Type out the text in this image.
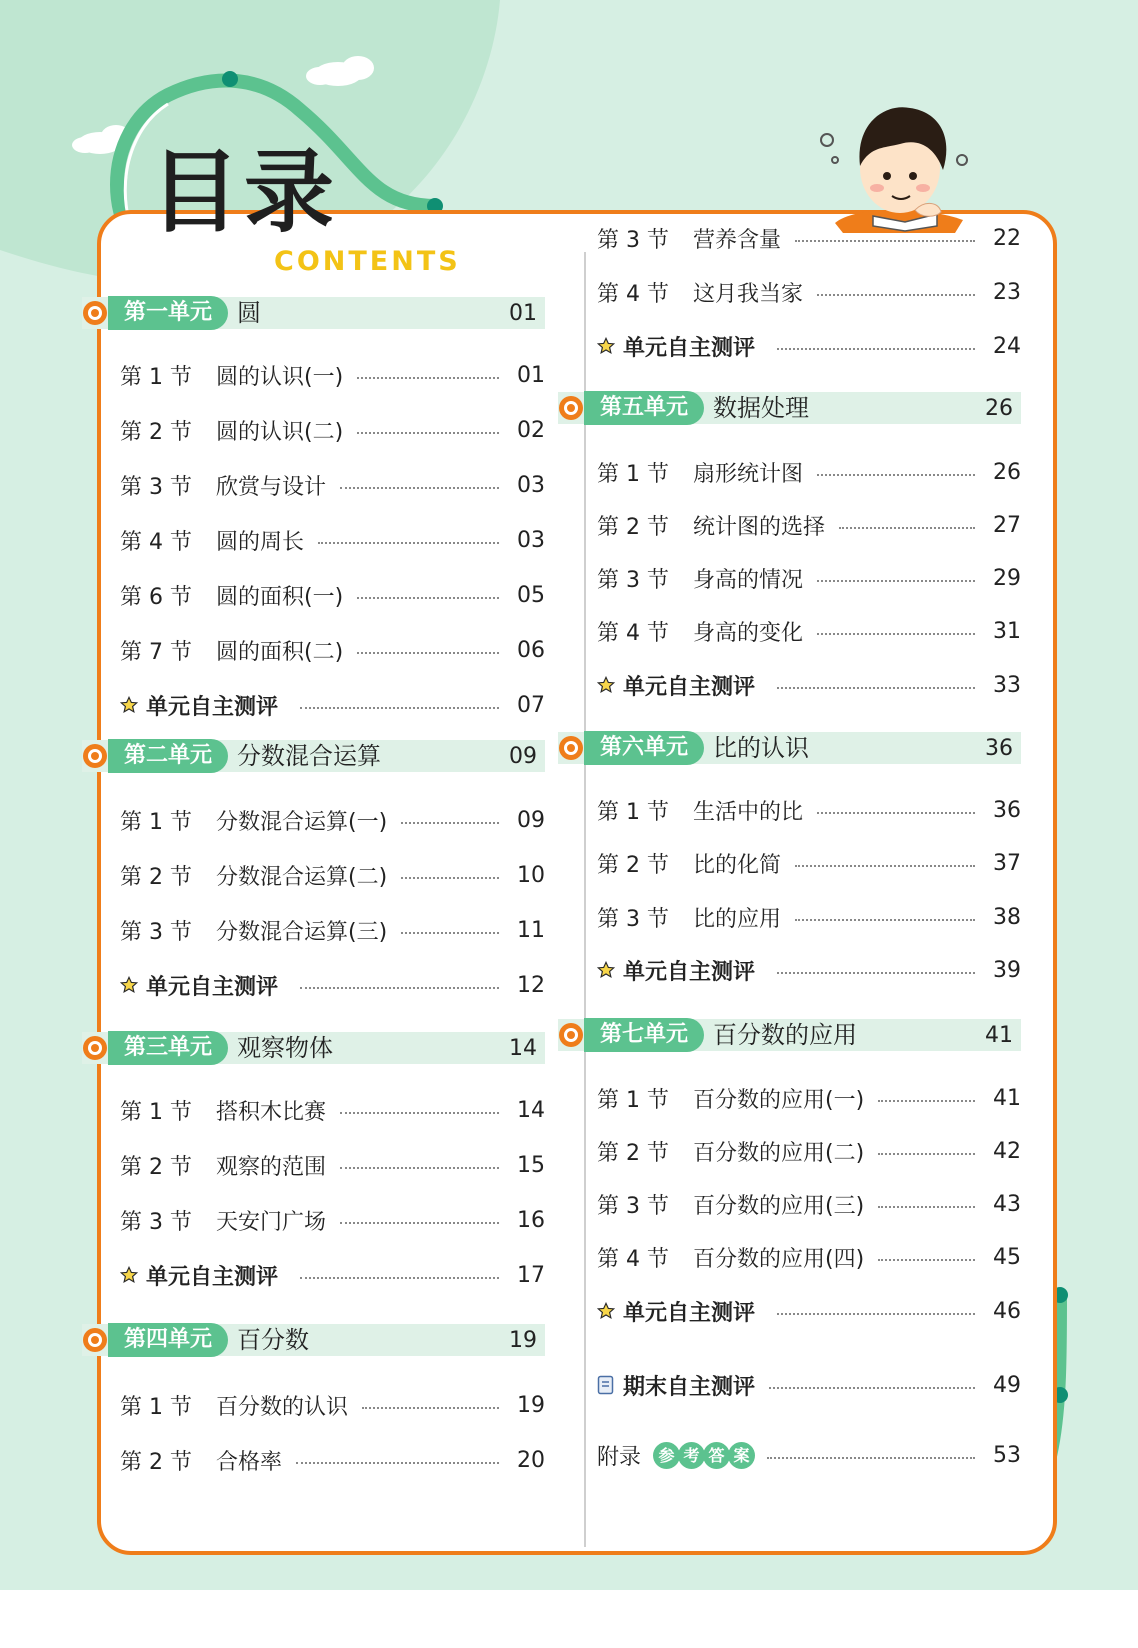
目录
CONTENTS
第一单元	圆	01
第 1 节	圆的认识(一)	01
第 2 节	圆的认识(二)	02
第 3 节	欣赏与设计	03
第 4 节	圆的周长	03
第 6 节	圆的面积(一)	05
第 7 节	圆的面积(二)	06
单元自主测评	07
第二单元	分数混合运算	09
第 1 节	分数混合运算(一)	09
第 2 节	分数混合运算(二)	10
第 3 节	分数混合运算(三)	11
单元自主测评	12
第三单元	观察物体	14
第 1 节	搭积木比赛	14
第 2 节	观察的范围	15
第 3 节	天安门广场	16
单元自主测评	17
第四单元	百分数	19
第 1 节	百分数的认识	19
第 2 节	合格率	20
第 3 节	营养含量	22
第 4 节	这月我当家	23
单元自主测评	24
第五单元	数据处理	26
第 1 节	扇形统计图	26
第 2 节	统计图的选择	27
第 3 节	身高的情况	29
第 4 节	身高的变化	31
单元自主测评	33
第六单元	比的认识	36
第 1 节	生活中的比	36
第 2 节	比的化简	37
第 3 节	比的应用	38
单元自主测评	39
第七单元	百分数的应用	41
第 1 节	百分数的应用(一)	41
第 2 节	百分数的应用(二)	42
第 3 节	百分数的应用(三)	43
第 4 节	百分数的应用(四)	45
单元自主测评	46
期末自主测评	49
附录	参 考 答 案	53
